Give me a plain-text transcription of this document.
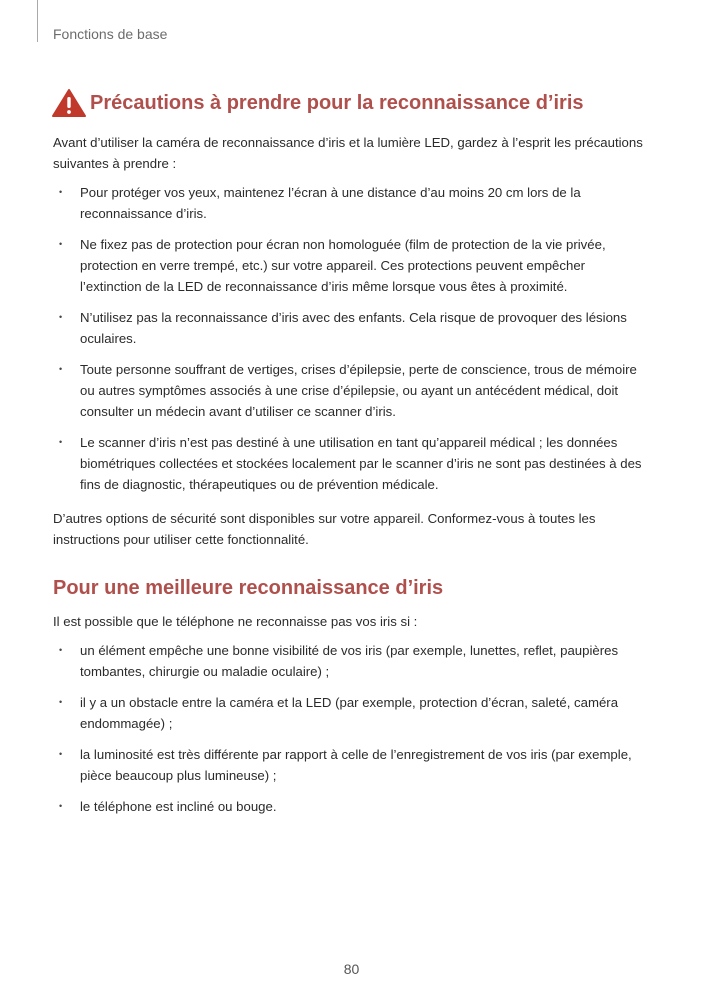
Fonctions de base
Précautions à prendre pour la reconnaissance d’iris

Avant d’utiliser la caméra de reconnaissance d’iris et la lumière LED, gardez à l’esprit les précautions suivantes à prendre :

• Pour protéger vos yeux, maintenez l’écran à une distance d’au moins 20 cm lors de la reconnaissance d’iris.
• Ne fixez pas de protection pour écran non homologuée (film de protection de la vie privée, protection en verre trempé, etc.) sur votre appareil. Ces protections peuvent empêcher l’extinction de la LED de reconnaissance d’iris même lorsque vous êtes à proximité.
• N’utilisez pas la reconnaissance d’iris avec des enfants. Cela risque de provoquer des lésions oculaires.
• Toute personne souffrant de vertiges, crises d’épilepsie, perte de conscience, trous de mémoire ou autres symptômes associés à une crise d’épilepsie, ou ayant un antécédent médical, doit consulter un médecin avant d’utiliser ce scanner d’iris.
• Le scanner d’iris n’est pas destiné à une utilisation en tant qu’appareil médical ; les données biométriques collectées et stockées localement par le scanner d’iris ne sont pas destinées à des fins de diagnostic, thérapeutiques ou de prévention médicale.

D’autres options de sécurité sont disponibles sur votre appareil. Conformez-vous à toutes les instructions pour utiliser cette fonctionnalité.

Pour une meilleure reconnaissance d’iris

Il est possible que le téléphone ne reconnaisse pas vos iris si :

• un élément empêche une bonne visibilité de vos iris (par exemple, lunettes, reflet, paupières tombantes, chirurgie ou maladie oculaire) ;
• il y a un obstacle entre la caméra et la LED (par exemple, protection d’écran, saleté, caméra endommagée) ;
• la luminosité est très différente par rapport à celle de l’enregistrement de vos iris (par exemple, pièce beaucoup plus lumineuse) ;
• le téléphone est incliné ou bouge.
80
